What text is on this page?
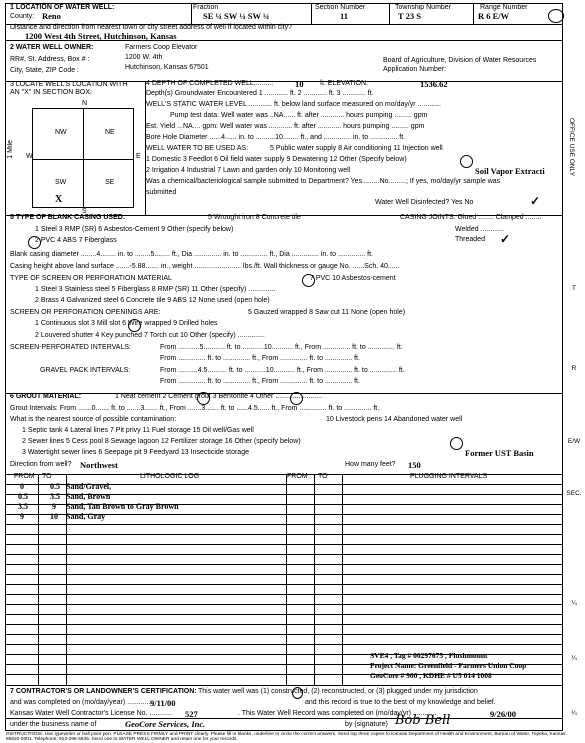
1 LOCATION OF WATER WELL:
County: Reno
Fraction
SE ¼ SW ¼ SW ¼
Section Number
11
Township Number
T 23 S
Range Number
R 6 E/W
Distance and direction from nearest town or city street address of well if located within city?
1200 West 4th Street, Hutchinson, Kansas
2 WATER WELL OWNER:	Farmers Coop Elevator
RR#, St. Address, Box # :	1200 W. 4th
City, State, ZIP Code :	Hutchinson, Kansas 67501
Board of Agriculture, Division of Water Resources
Application Number:
3 LOCATE WELL'S LOCATION WITH AN "X" IN SECTION BOX:
N
S
W	E
1 Mile
NW	NE
SW	SE
X
4 DEPTH OF COMPLETED WELL..........	10 ft. ELEVATION:	1536.62
Depth(s) Groundwater Encountered 1 ............ ft. 2 ............ ft. 3 ............ ft.
WELL'S STATIC WATER LEVEL ............ ft. below land surface measured on mo/day/yr ............
Pump test data: Well water was ..NA...... ft. after ............ hours pumping ......... gpm
Est. Yield ...NA.... gpm: Well water was ............ ft. after ............ hours pumping ......... gpm
Bore Hole Diameter ......4...... in. to ..........10........ ft., and .............. in. to .............. ft.
WELL WATER TO BE USED AS:	5 Public water supply 8 Air conditioning 11 Injection well
1 Domestic 3 Feedlot 6 Oil field water supply 9 Dewatering 12 Other (Specify below)
2 Irrigation 4 Industrial 7 Lawn and garden only 10 Monitoring well	Soil Vapor Extracti
Was a chemical/bacteriological sample submitted to Department? Yes.........No.........; If yes, mo/day/yr sample was
submitted
Water Well Disinfected? Yes No	✓
5 TYPE OF BLANK CASING USED:	5 Wrought iron 8 Concrete tile	CASING JOINTS: Glued ........ Clamped ........
1 Steel 3 RMP (SR) 6 Asbestos-Cement 9 Other (specify below)	Welded ............
2 PVC 4 ABS 7 Fiberglass	Threaded ✓
Blank casing diameter ........4........ in. to ........5........ ft., Dia .............. in. to .............. ft., Dia .............. in. to .............. ft.
Casing height above land surface .......-5.88....... in., weight ........................ lbs./ft. Wall thickness or gauge No. ......Sch. 40......
TYPE OF SCREEN OR PERFORATION MATERIAL	7 PVC 10 Asbestos-cement
1 Steel 3 Stainless steel 5 Fiberglass 8 RMP (SR) 11 Other (specify) ..............
2 Brass 4 Galvanized steel 6 Concrete tile 9 ABS 12 None used (open hole)
SCREEN OR PERFORATION OPENINGS ARE:	5 Gauzed wrapped 8 Saw cut 11 None (open hole)
1 Continuous slot 3 Mill slot 6 Wire wrapped 9 Drilled holes
2 Louvered shutter 4 Key punched 7 Torch cut 10 Other (specify) ..............
SCREEN-PERFORATED INTERVALS:	From ...........5........... ft. to ...........10........... ft., From .............. ft. to .............. ft.
From .............. ft. to .............. ft., From .............. ft. to .............. ft.
GRAVEL PACK INTERVALS:	From ..........4.5.......... ft. to ...........10........... ft., From .............. ft. to .............. ft.
From .............. ft. to .............. ft., From .............. ft. to .............. ft.
6 GROUT MATERIAL:	1 Neat cement 2 Cement grout 3 Bentonite 4 Other ........................
Grout Intervals: From .......0....... ft. to .......3....... ft., From .......3....... ft. to ......4.5...... ft., From .............. ft. to .............. ft.
What is the nearest source of possible contamination:	10 Livestock pens 14 Abandoned water well
1 Septic tank 4 Lateral lines 7 Pit privy 11 Fuel storage 15 Oil well/Gas well
2 Sewer lines 5 Cess pool 8 Sewage lagoon 12 Fertilizer storage 16 Other (specify below)
3 Watertight sewer lines 6 Seepage pit 9 Feedyard 13 Insecticide storage	Former UST Basin
Direction from well? Northwest	How many feet? 150
FROM TO	LITHOLOGIC LOG	FROM TO	PLUGGING INTERVALS
0	0.5 Sand/Gravel,
0.5	3.5 Sand, Brown
3.5	9 Sand, Tan Brown to Gray Brown
9	10 Sand, Gray
SVE4 , Tag # 00297675 , Flushmount
Project Name: Greenfield - Farmers Union Coop
GeoCore # 900 , KDHE # U5 014 1008
7 CONTRACTOR'S OR LANDOWNER'S CERTIFICATION: This water well was (1) constructed, (2) reconstructed, or (3) plugged under my jurisdiction
and was completed on (mo/day/year) ............ 9/11/00	and this record is true to the best of my knowledge and belief.
Kansas Water Well Contractor's License No. ............ 527	. This Water Well Record was completed on (mo/day/yr) ............	9/26/00
under the business name of	GeoCore Services, Inc.	by (signature) Bob Bell
INSTRUCTIONS: Use typewriter or ball point pen. PLEASE PRESS FIRMLY and PRINT clearly. Please fill in blanks, underline or circle the correct answers. Send top three copies to Kansas Department of Health and Environment, Bureau of Water, Topeka, Kansas 66620-0001. Telephone: 913-296-5545. Send one to WATER WELL OWNER and retain one for your records.
OFFICE USE ONLY
T
R
E/W
SEC.
¼
¼
¼
